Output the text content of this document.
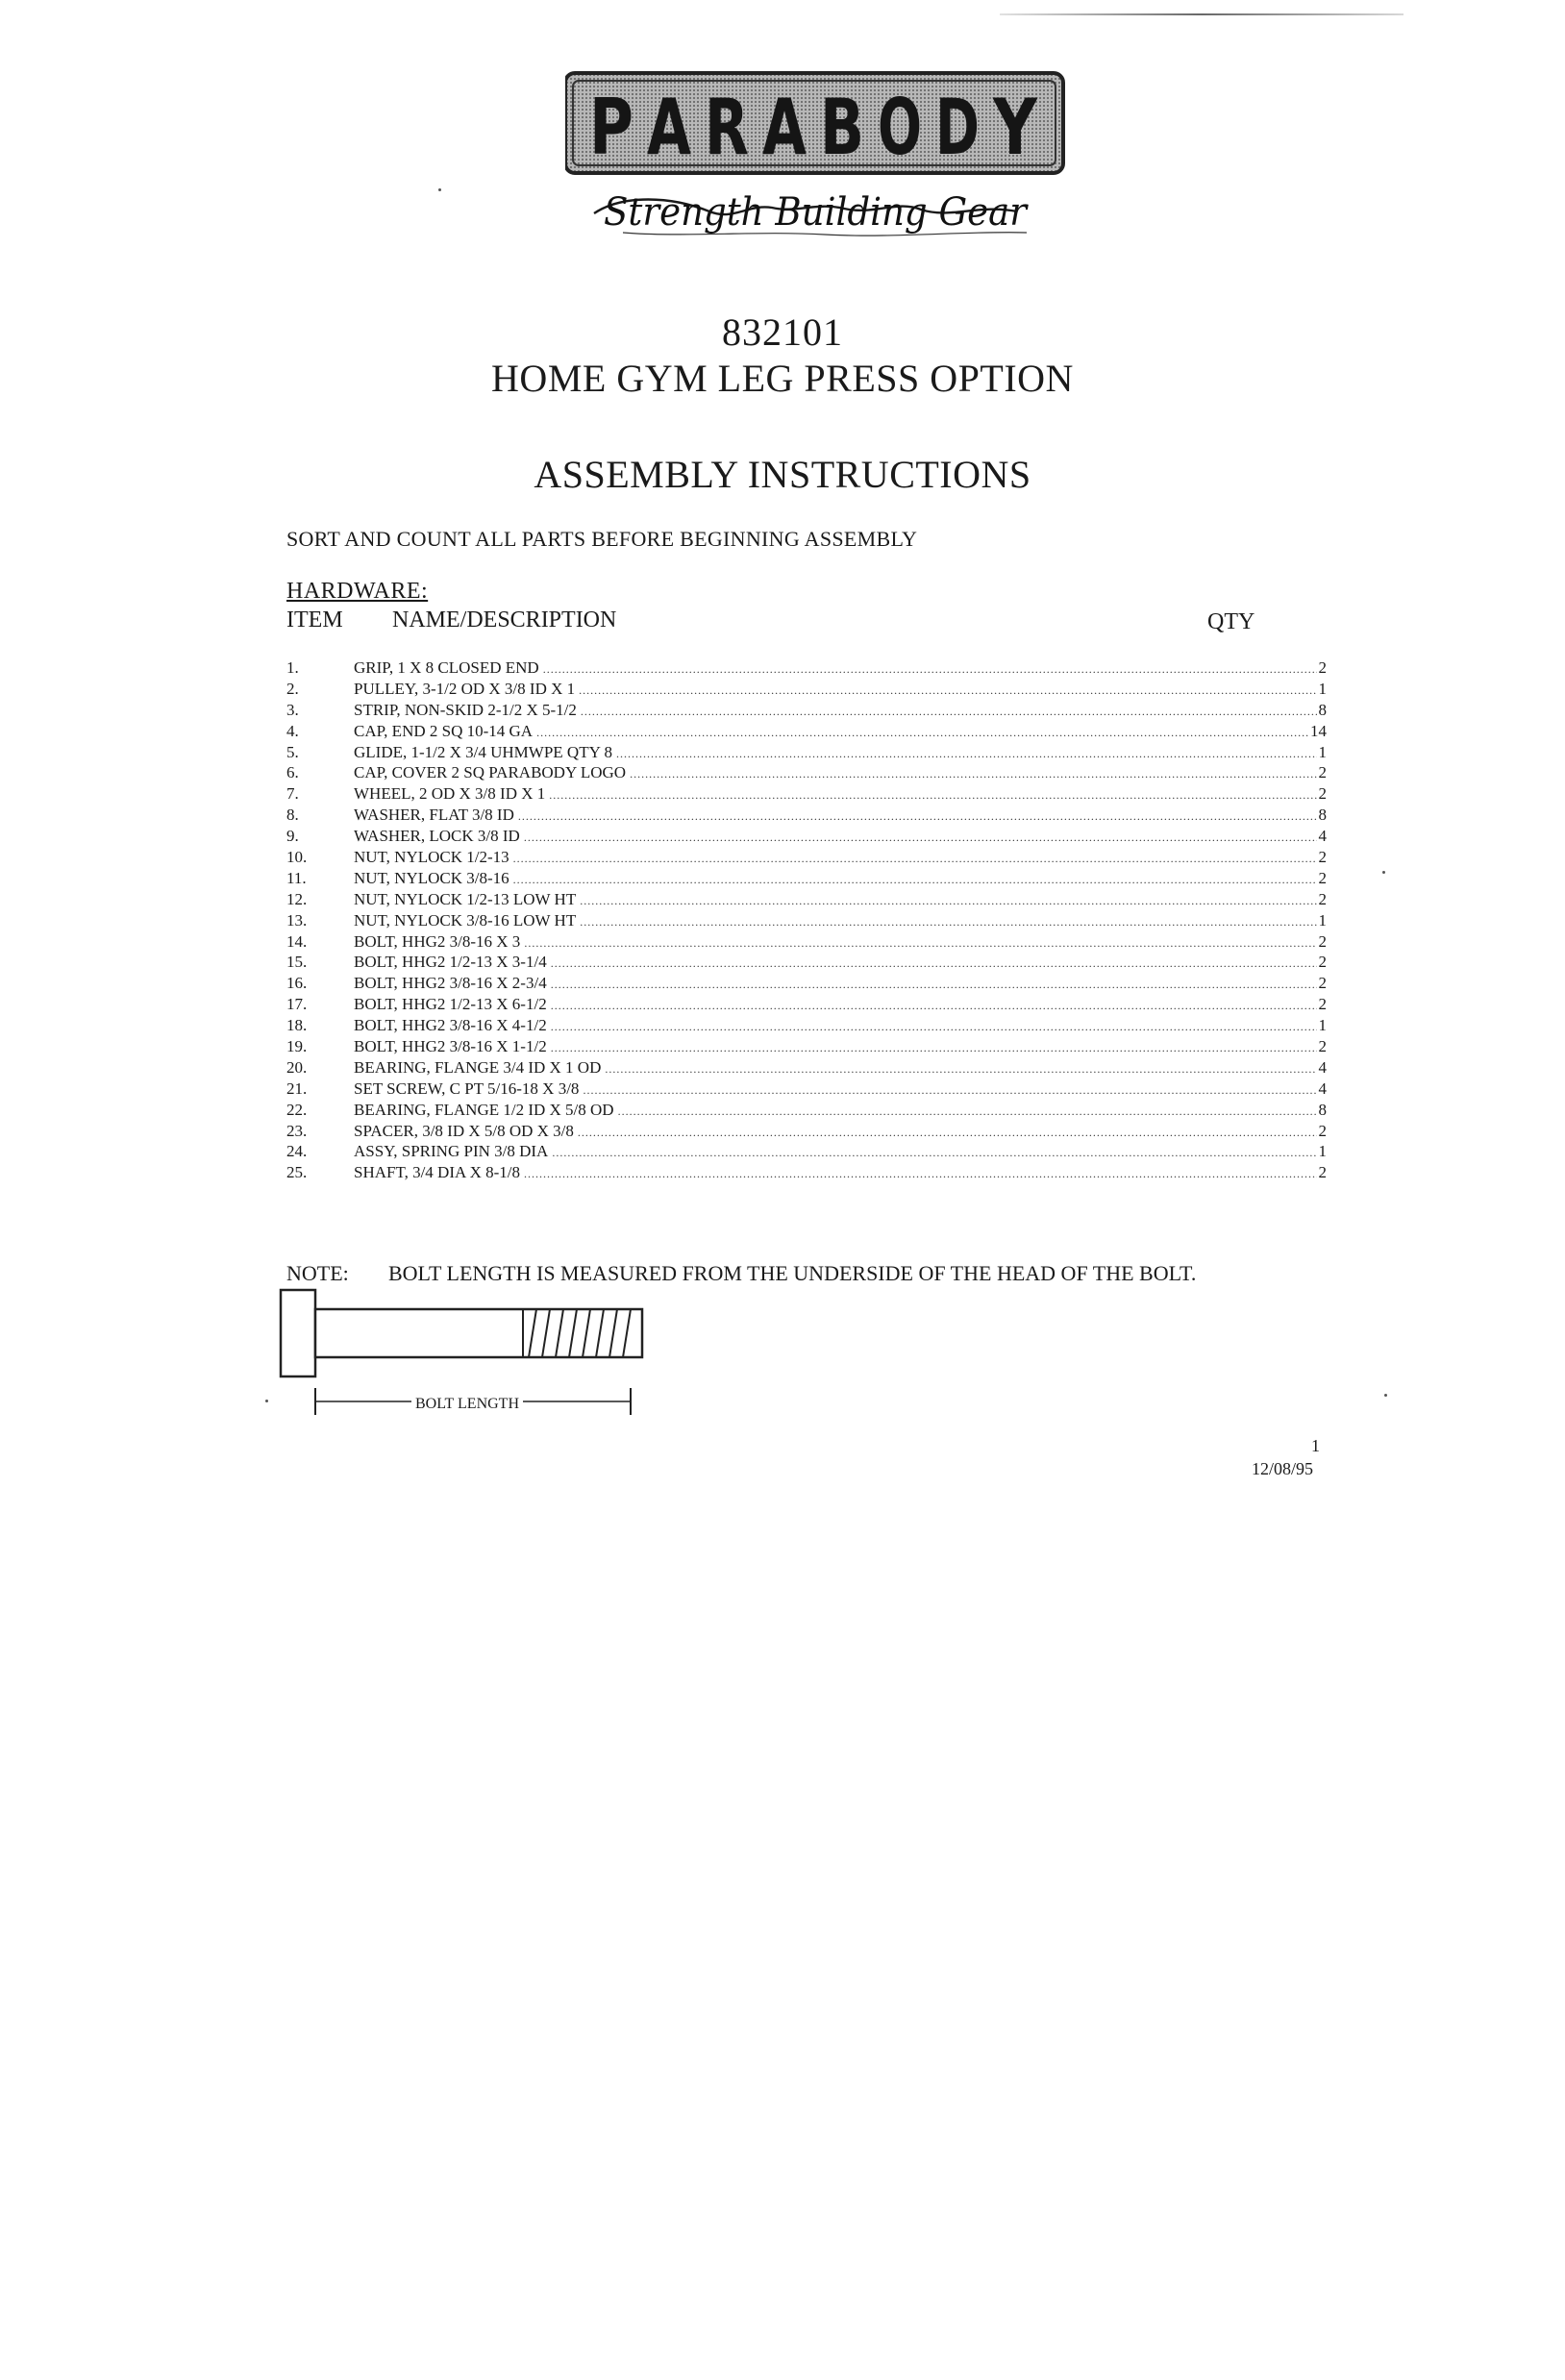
P A R A B O D Y
Strength Building Gear
832101
HOME GYM LEG PRESS OPTION
ASSEMBLY INSTRUCTIONS
SORT AND COUNT ALL PARTS BEFORE BEGINNING ASSEMBLY
HARDWARE:
ITEM NAME/DESCRIPTION	QTY
1.	GRIP, 1 X 8 CLOSED END .....	2
2.	PULLEY, 3-1/2 OD X 3/8 ID X 1 .....	1
3.	STRIP, NON-SKID 2-1/2 X 5-1/2 .....	8
4.	CAP, END 2 SQ 10-14 GA .....	14
5.	GLIDE, 1-1/2 X 3/4 UHMWPE QTY 8 .....	1
6.	CAP, COVER 2 SQ PARABODY LOGO .....	2
7.	WHEEL, 2 OD X 3/8 ID X 1 .....	2
8.	WASHER, FLAT 3/8 ID .....	8
9.	WASHER, LOCK 3/8 ID .....	4
10.	NUT, NYLOCK 1/2-13 .....	2
11.	NUT, NYLOCK 3/8-16 .....	2
12.	NUT, NYLOCK 1/2-13 LOW HT .....	2
13.	NUT, NYLOCK 3/8-16 LOW HT .....	1
14.	BOLT, HHG2 3/8-16 X 3 .....	2
15.	BOLT, HHG2 1/2-13 X 3-1/4 .....	2
16.	BOLT, HHG2 3/8-16 X 2-3/4 .....	2
17.	BOLT, HHG2 1/2-13 X 6-1/2 .....	2
18.	BOLT, HHG2 3/8-16 X 4-1/2 .....	1
19.	BOLT, HHG2 3/8-16 X 1-1/2 .....	2
20.	BEARING, FLANGE 3/4 ID X 1 OD .....	4
21.	SET SCREW, C PT 5/16-18 X 3/8 .....	4
22.	BEARING, FLANGE 1/2 ID X 5/8 OD .....	8
23.	SPACER, 3/8 ID X 5/8 OD X 3/8 .....	2
24.	ASSY, SPRING PIN 3/8 DIA .....	1
25.	SHAFT, 3/4 DIA X 8-1/8 .....	2
NOTE: BOLT LENGTH IS MEASURED FROM THE UNDERSIDE OF THE HEAD OF THE BOLT.
BOLT LENGTH
1
12/08/95
